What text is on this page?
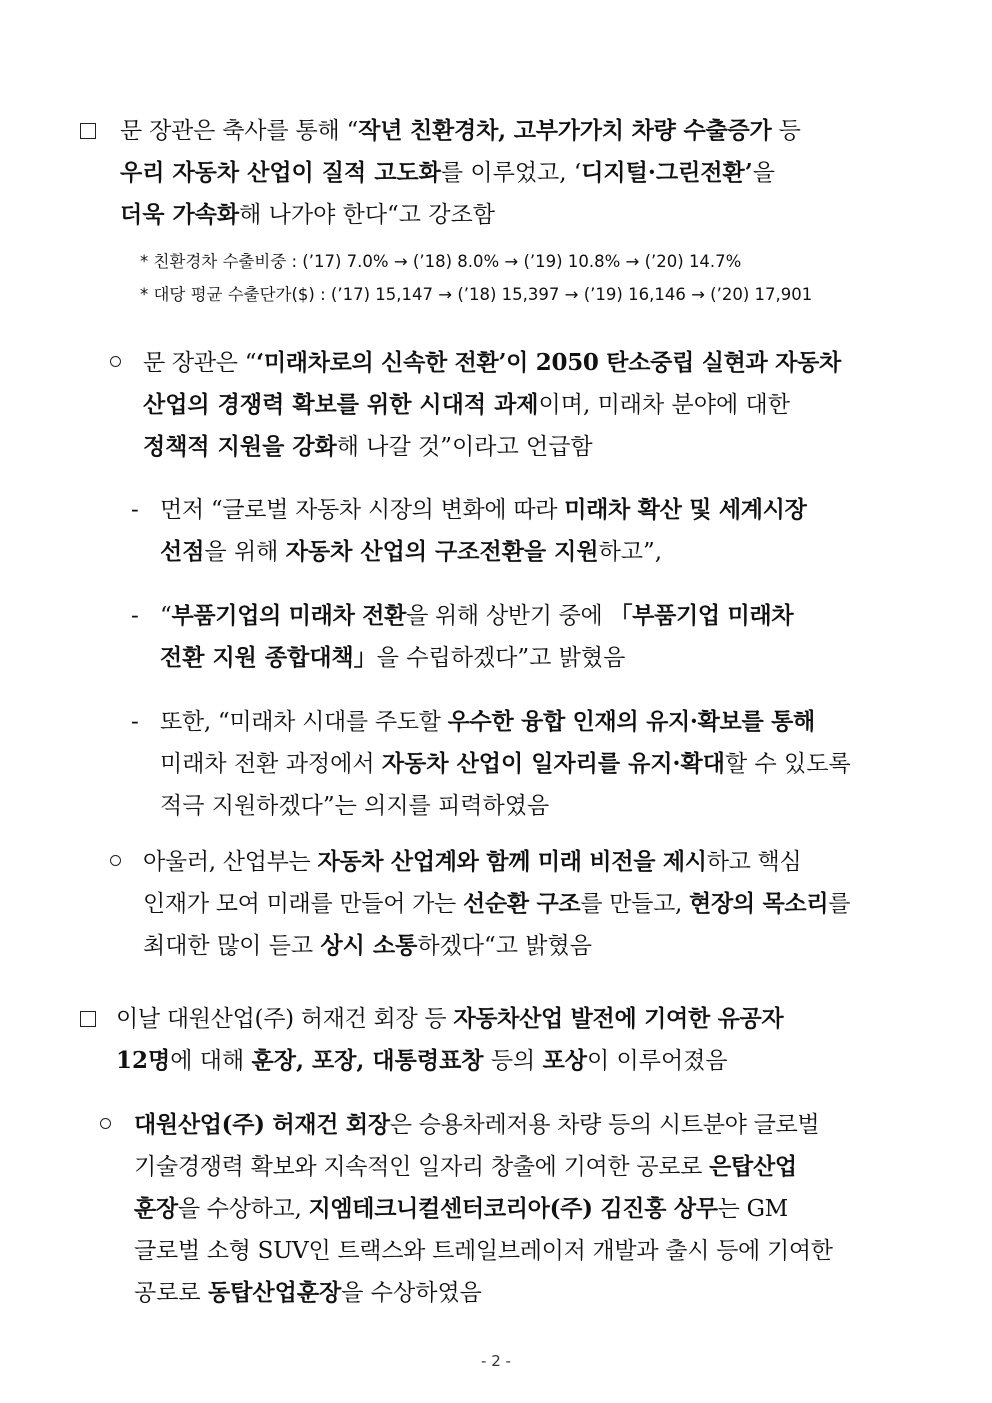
문 장관은 축사를 통해 “작년 친환경차, 고부가가치 차량 수출증가 등
우리 자동차 산업이 질적 고도화를 이루었고, ‘디지털·그린전환’을
더욱 가속화해 나가야 한다“고 강조함
* 친환경차 수출비중 : (’17) 7.0% → (’18) 8.0% → (’19) 10.8% → (’20) 14.7%
* 대당 평균 수출단가($) : (’17) 15,147 → (’18) 15,397 → (’19) 16,146 → (’20) 17,901
문 장관은 “‘미래차로의 신속한 전환’이 2050 탄소중립 실현과 자동차
산업의 경쟁력 확보를 위한 시대적 과제이며, 미래차 분야에 대한
정책적 지원을 강화해 나갈 것”이라고 언급함
- 먼저 “글로벌 자동차 시장의 변화에 따라 미래차 확산 및 세계시장
선점을 위해 자동차 산업의 구조전환을 지원하고”,
- “부품기업의 미래차 전환을 위해 상반기 중에 「부품기업 미래차
전환 지원 종합대책」을 수립하겠다”고 밝혔음
- 또한, “미래차 시대를 주도할 우수한 융합 인재의 유지·확보를 통해
미래차 전환 과정에서 자동차 산업이 일자리를 유지·확대할 수 있도록
적극 지원하겠다”는 의지를 피력하였음
아울러, 산업부는 자동차 산업계와 함께 미래 비전을 제시하고 핵심
인재가 모여 미래를 만들어 가는 선순환 구조를 만들고, 현장의 목소리를
최대한 많이 듣고 상시 소통하겠다“고 밝혔음
이날 대원산업(주) 허재건 회장 등 자동차산업 발전에 기여한 유공자
12명에 대해 훈장, 포장, 대통령표창 등의 포상이 이루어졌음
대원산업(주) 허재건 회장은 승용차레저용 차량 등의 시트분야 글로벌
기술경쟁력 확보와 지속적인 일자리 창출에 기여한 공로로 은탑산업
훈장을 수상하고, 지엠테크니컬센터코리아(주) 김진홍 상무는 GM
글로벌 소형 SUV인 트랙스와 트레일브레이저 개발과 출시 등에 기여한
공로로 동탑산업훈장을 수상하였음
- 2 -
